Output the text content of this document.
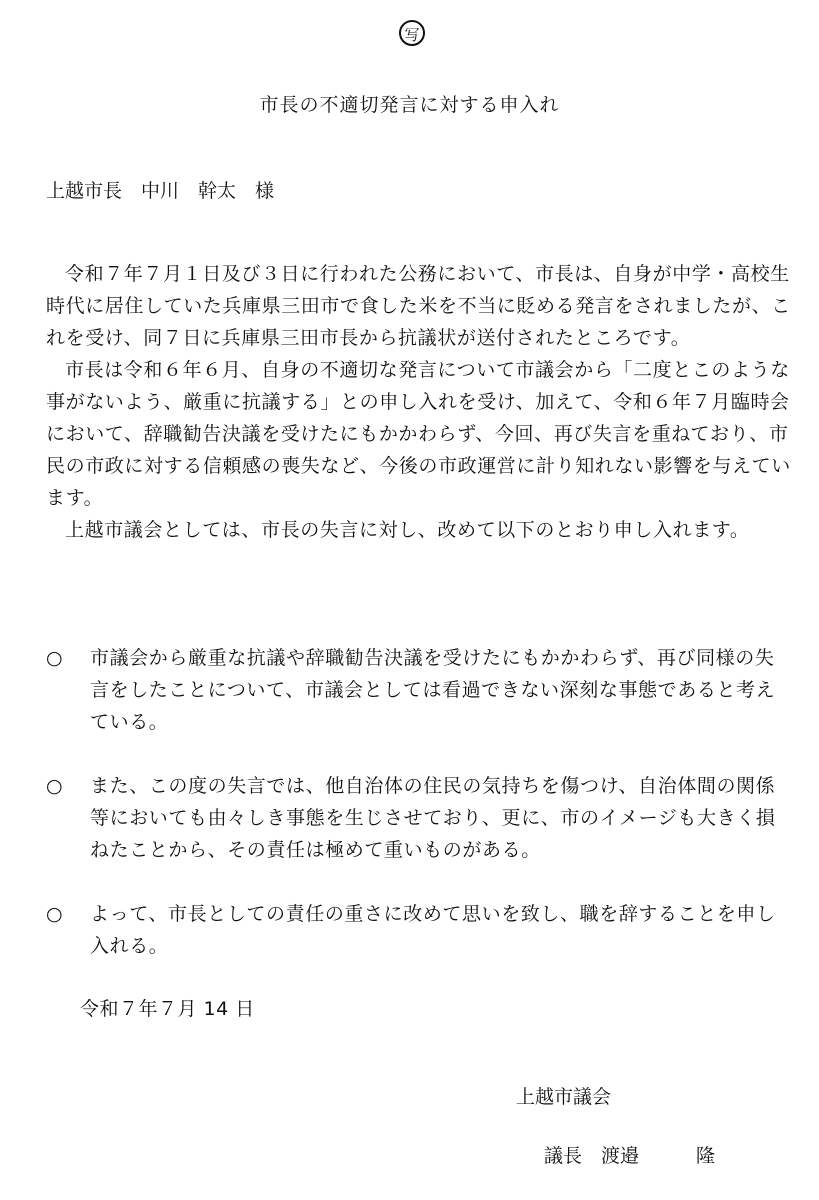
写
市長の不適切発言に対する申入れ
上越市長　中川　幹太　様

令和７年７月１日及び３日に行われた公務において、市長は、自身が中学・高校生時代に居住していた兵庫県三田市で食した米を不当に貶める発言をされましたが、これを受け、同７日に兵庫県三田市長から抗議状が送付されたところです。

市長は令和６年６月、自身の不適切な発言について市議会から「二度とこのような事がないよう、厳重に抗議する」との申し入れを受け、加えて、令和６年７月臨時会において、辞職勧告決議を受けたにもかかわらず、今回、再び失言を重ねており、市民の市政に対する信頼感の喪失など、今後の市政運営に計り知れない影響を与えています。

上越市議会としては、市長の失言に対し、改めて以下のとおり申し入れます。

○	市議会から厳重な抗議や辞職勧告決議を受けたにもかかわらず、再び同様の失言をしたことについて、市議会としては看過できない深刻な事態であると考えている。
○	また、この度の失言では、他自治体の住民の気持ちを傷つけ、自治体間の関係等においても由々しき事態を生じさせており、更に、市のイメージも大きく損ねたことから、その責任は極めて重いものがある。
○	よって、市長としての責任の重さに改めて思いを致し、職を辞することを申し入れる。
令和７年７月 14 日
上越市議会
議長　渡邉　　　隆
